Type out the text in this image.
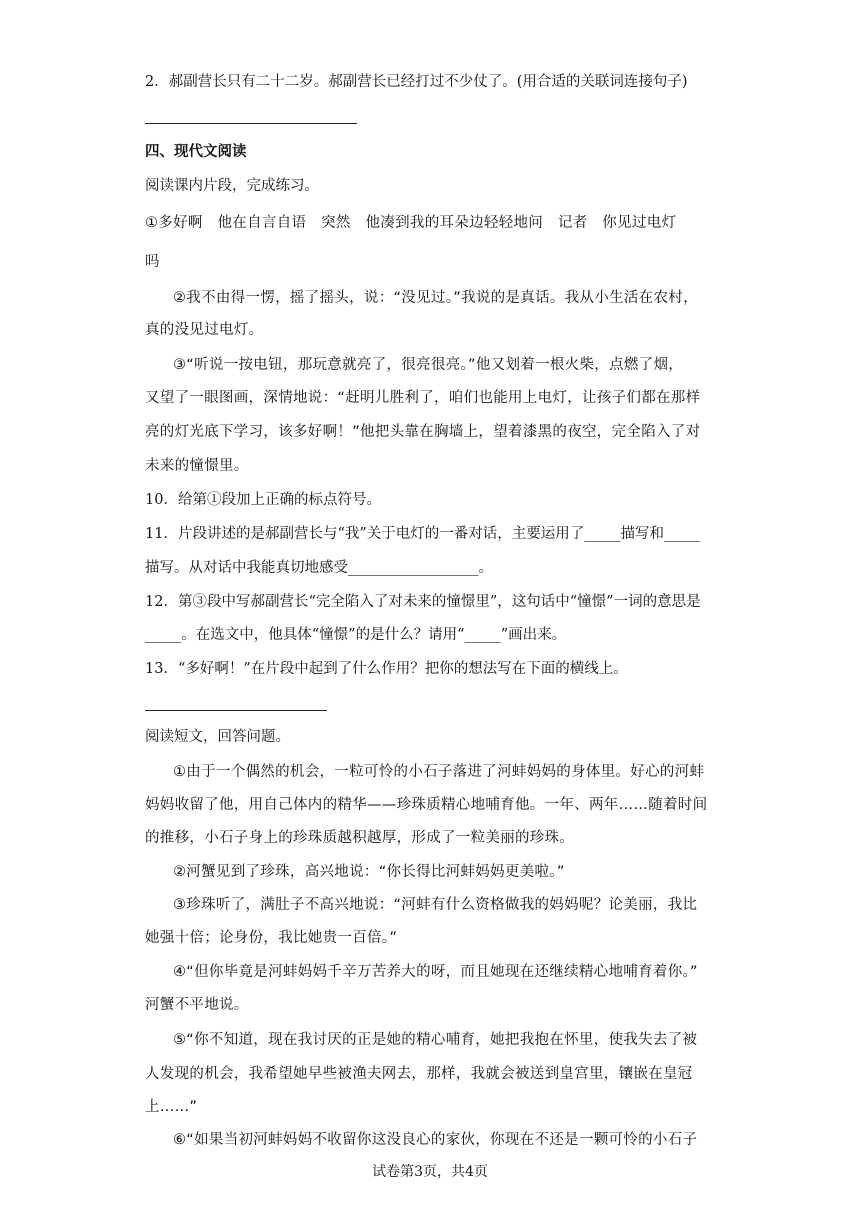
2．郝副营长只有二十二岁。郝副营长已经打过不少仗了。(用合适的关联词连接句子)
四、现代文阅读
阅读课内片段，完成练习。
①多好啊　他在自言自语　突然　他凑到我的耳朵边轻轻地问　记者　你见过电灯
吗
②我不由得一愣，摇了摇头，说：“没见过。”我说的是真话。我从小生活在农村，
真的没见过电灯。
③“听说一按电钮，那玩意就亮了，很亮很亮。”他又划着一根火柴，点燃了烟，
又望了一眼图画，深情地说：“赶明儿胜利了，咱们也能用上电灯，让孩子们都在那样
亮的灯光底下学习，该多好啊！”他把头靠在胸墙上，望着漆黑的夜空，完全陷入了对
未来的憧憬里。
10．给第①段加上正确的标点符号。
11．片段讲述的是郝副营长与“我”关于电灯的一番对话，主要运用了_____描写和_____
描写。从对话中我能真切地感受__________________。
12．第③段中写郝副营长“完全陷入了对未来的憧憬里”，这句话中“憧憬”一词的意思是
_____。在选文中，他具体“憧憬”的是什么？请用“_____”画出来。
13．“多好啊！”在片段中起到了什么作用？把你的想法写在下面的横线上。
阅读短文，回答问题。
①由于一个偶然的机会，一粒可怜的小石子落进了河蚌妈妈的身体里。好心的河蚌
妈妈收留了他，用自己体内的精华——珍珠质精心地哺育他。一年、两年……随着时间
的推移，小石子身上的珍珠质越积越厚，形成了一粒美丽的珍珠。
②河蟹见到了珍珠，高兴地说：“你长得比河蚌妈妈更美啦。”
③珍珠听了，满肚子不高兴地说：“河蚌有什么资格做我的妈妈呢？论美丽，我比
她强十倍；论身份，我比她贵一百倍。”
④“但你毕竟是河蚌妈妈千辛万苦养大的呀，而且她现在还继续精心地哺育着你。”
河蟹不平地说。
⑤“你不知道，现在我讨厌的正是她的精心哺育，她把我抱在怀里，使我失去了被
人发现的机会，我希望她早些被渔夫网去，那样，我就会被送到皇宫里，镶嵌在皇冠
上……”
⑥“如果当初河蚌妈妈不收留你这没良心的家伙，你现在不还是一颗可怜的小石子
试卷第3页，共4页
